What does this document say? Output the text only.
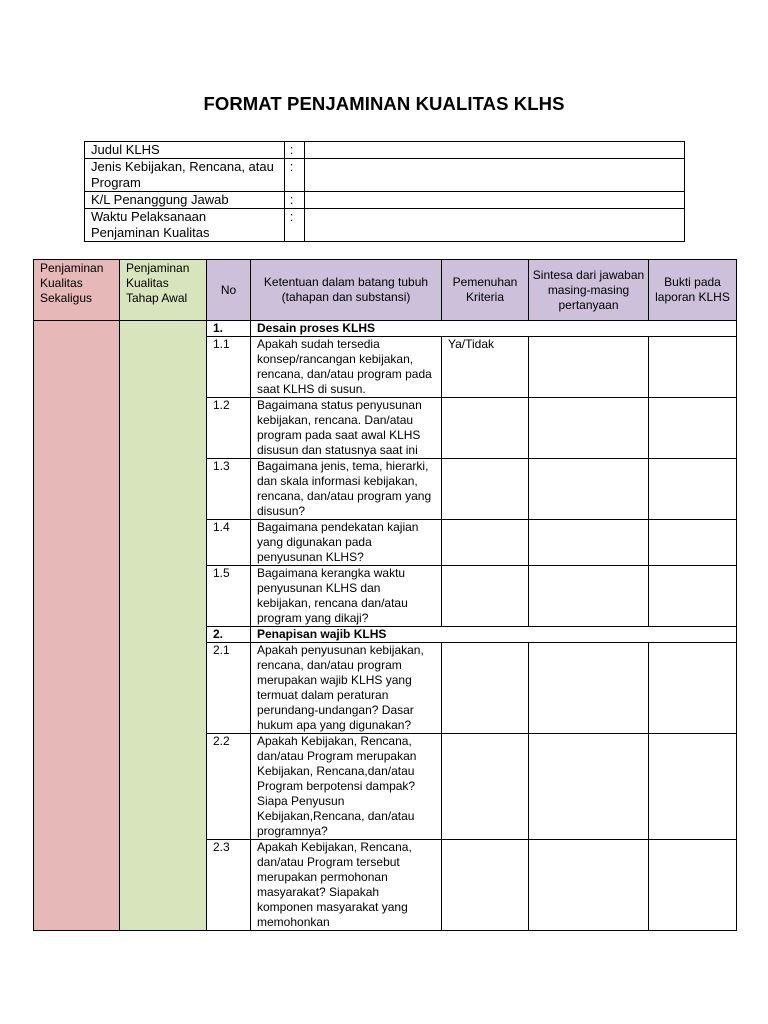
FORMAT PENJAMINAN KUALITAS KLHS
Judul KLHS	:	
Jenis Kebijakan, Rencana, atau Program	:	
K/L Penanggung Jawab	:	
Waktu Pelaksanaan Penjaminan Kualitas	:	
Penjaminan Kualitas Sekaligus	Penjaminan Kualitas Tahap Awal	No	Ketentuan dalam batang tubuh (tahapan dan substansi)	Pemenuhan Kriteria	Sintesa dari jawaban masing-masing pertanyaan	Bukti pada laporan KLHS
		1.	Desain proses KLHS			
		1.1	Apakah sudah tersedia konsep/rancangan kebijakan, rencana, dan/atau program pada saat KLHS di susun.	Ya/Tidak		
		1.2	Bagaimana status penyusunan kebijakan, rencana. Dan/atau program pada saat awal KLHS disusun dan statusnya saat ini			
		1.3	Bagaimana jenis, tema, hierarki, dan skala informasi kebijakan, rencana, dan/atau program yang disusun?			
		1.4	Bagaimana pendekatan kajian yang digunakan pada penyusunan KLHS?			
		1.5	Bagaimana kerangka waktu penyusunan KLHS dan kebijakan, rencana dan/atau program yang dikaji?			
		2.	Penapisan wajib KLHS			
		2.1	Apakah penyusunan kebijakan, rencana, dan/atau program merupakan wajib KLHS yang termuat dalam peraturan perundang-undangan? Dasar hukum apa yang digunakan?			
		2.2	Apakah Kebijakan, Rencana, dan/atau Program merupakan Kebijakan, Rencana,dan/atau Program berpotensi dampak? Siapa Penyusun Kebijakan,Rencana, dan/atau programnya?			
		2.3	Apakah Kebijakan, Rencana, dan/atau Program tersebut merupakan permohonan masyarakat? Siapakah komponen masyarakat yang memohonkan			
